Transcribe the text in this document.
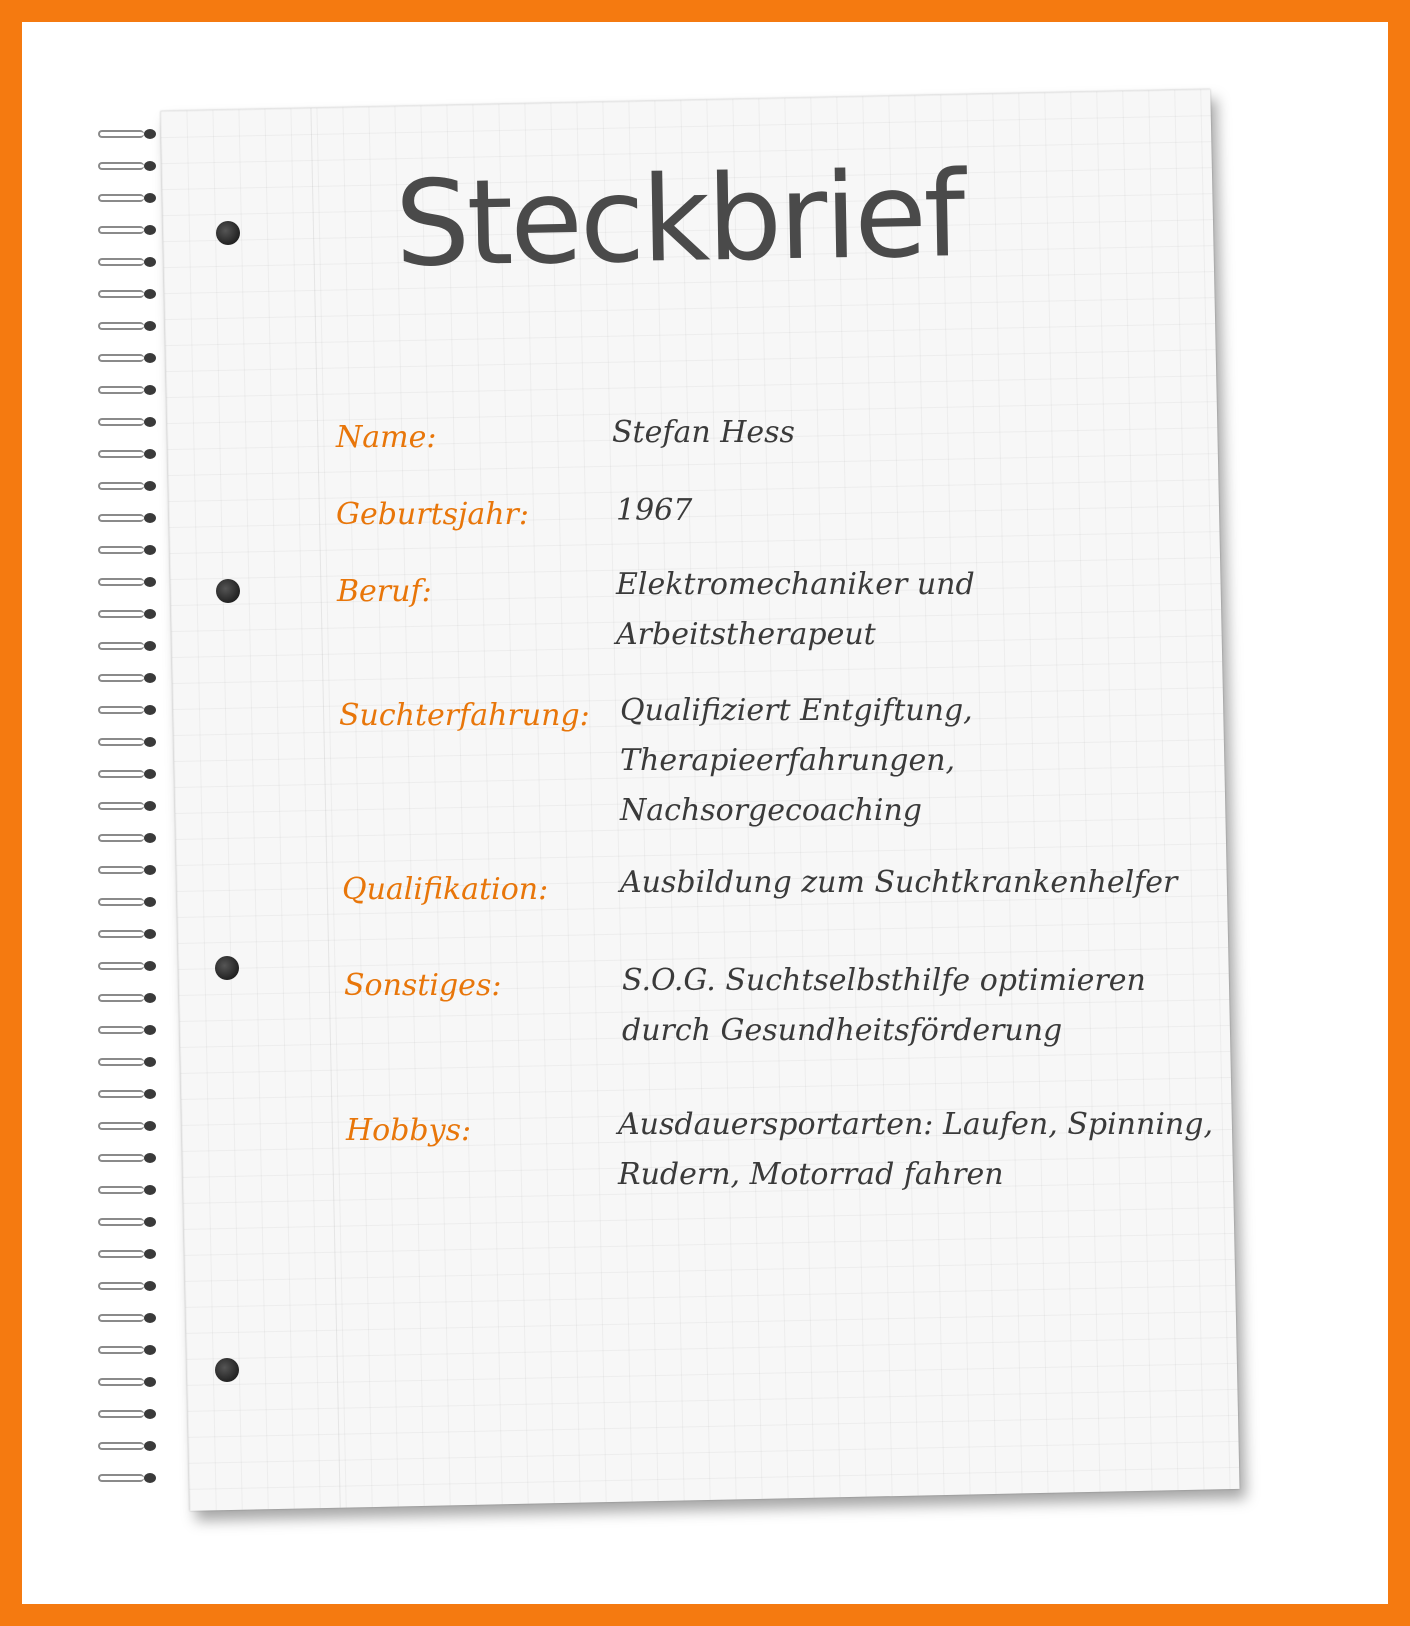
Steckbrief
Name:	Stefan Hess
Geburtsjahr:	1967
Beruf:	Elektromechaniker und
Arbeitstherapeut
Suchterfahrung: Qualifiziert Entgiftung,
Therapieerfahrungen,
Nachsorgecoaching
Qualifikation: Ausbildung zum Suchtkrankenhelfer
Sonstiges:	S.O.G. Suchtselbsthilfe optimieren
durch Gesundheitsförderung
Hobbys:	Ausdauersportarten: Laufen, Spinning,
Rudern, Motorrad fahren
